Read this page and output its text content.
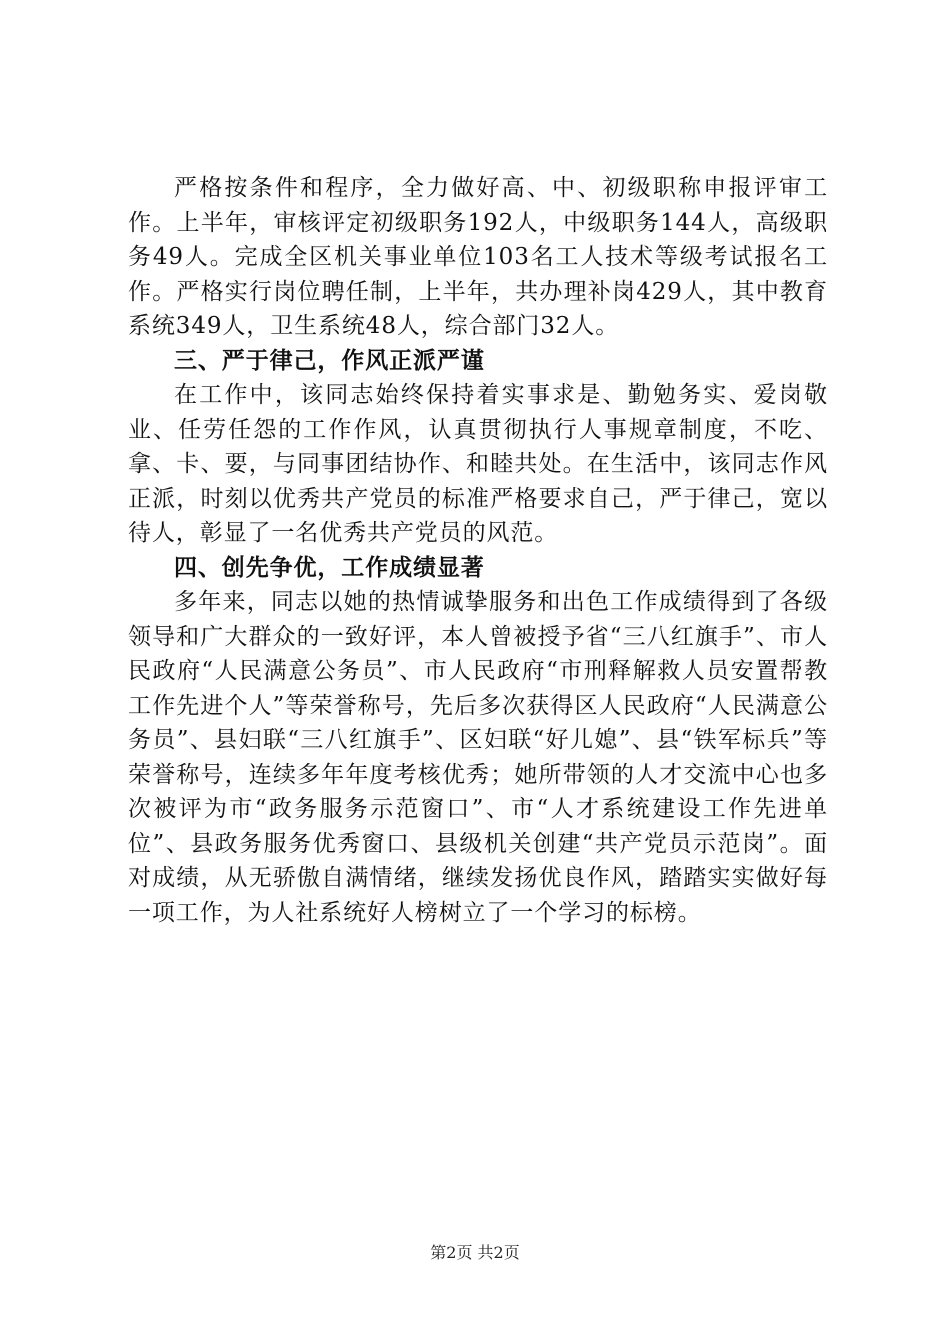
严格按条件和程序，全力做好高、中、初级职称申报评审工作。上半年，审核评定初级职务192人，中级职务144人，高级职务49人。完成全区机关事业单位103名工人技术等级考试报名工作。严格实行岗位聘任制，上半年，共办理补岗429人，其中教育系统349人，卫生系统48人，综合部门32人。

三、严于律己，作风正派严谨

在工作中，该同志始终保持着实事求是、勤勉务实、爱岗敬业、任劳任怨的工作作风，认真贯彻执行人事规章制度，不吃、拿、卡、要，与同事团结协作、和睦共处。在生活中，该同志作风正派，时刻以优秀共产党员的标准严格要求自己，严于律己，宽以待人，彰显了一名优秀共产党员的风范。

四、创先争优，工作成绩显著

多年来，同志以她的热情诚挚服务和出色工作成绩得到了各级领导和广大群众的一致好评，本人曾被授予省“三八红旗手”、市人民政府“人民满意公务员”、市人民政府“市刑释解救人员安置帮教工作先进个人”等荣誉称号，先后多次获得区人民政府“人民满意公务员”、县妇联“三八红旗手”、区妇联“好儿媳”、县“铁军标兵”等荣誉称号，连续多年年度考核优秀；她所带领的人才交流中心也多次被评为市“政务服务示范窗口”、市“人才系统建设工作先进单位”、县政务服务优秀窗口、县级机关创建“共产党员示范岗”。面对成绩，从无骄傲自满情绪，继续发扬优良作风，踏踏实实做好每一项工作，为人社系统好人榜树立了一个学习的标榜。

第2页 共2页
